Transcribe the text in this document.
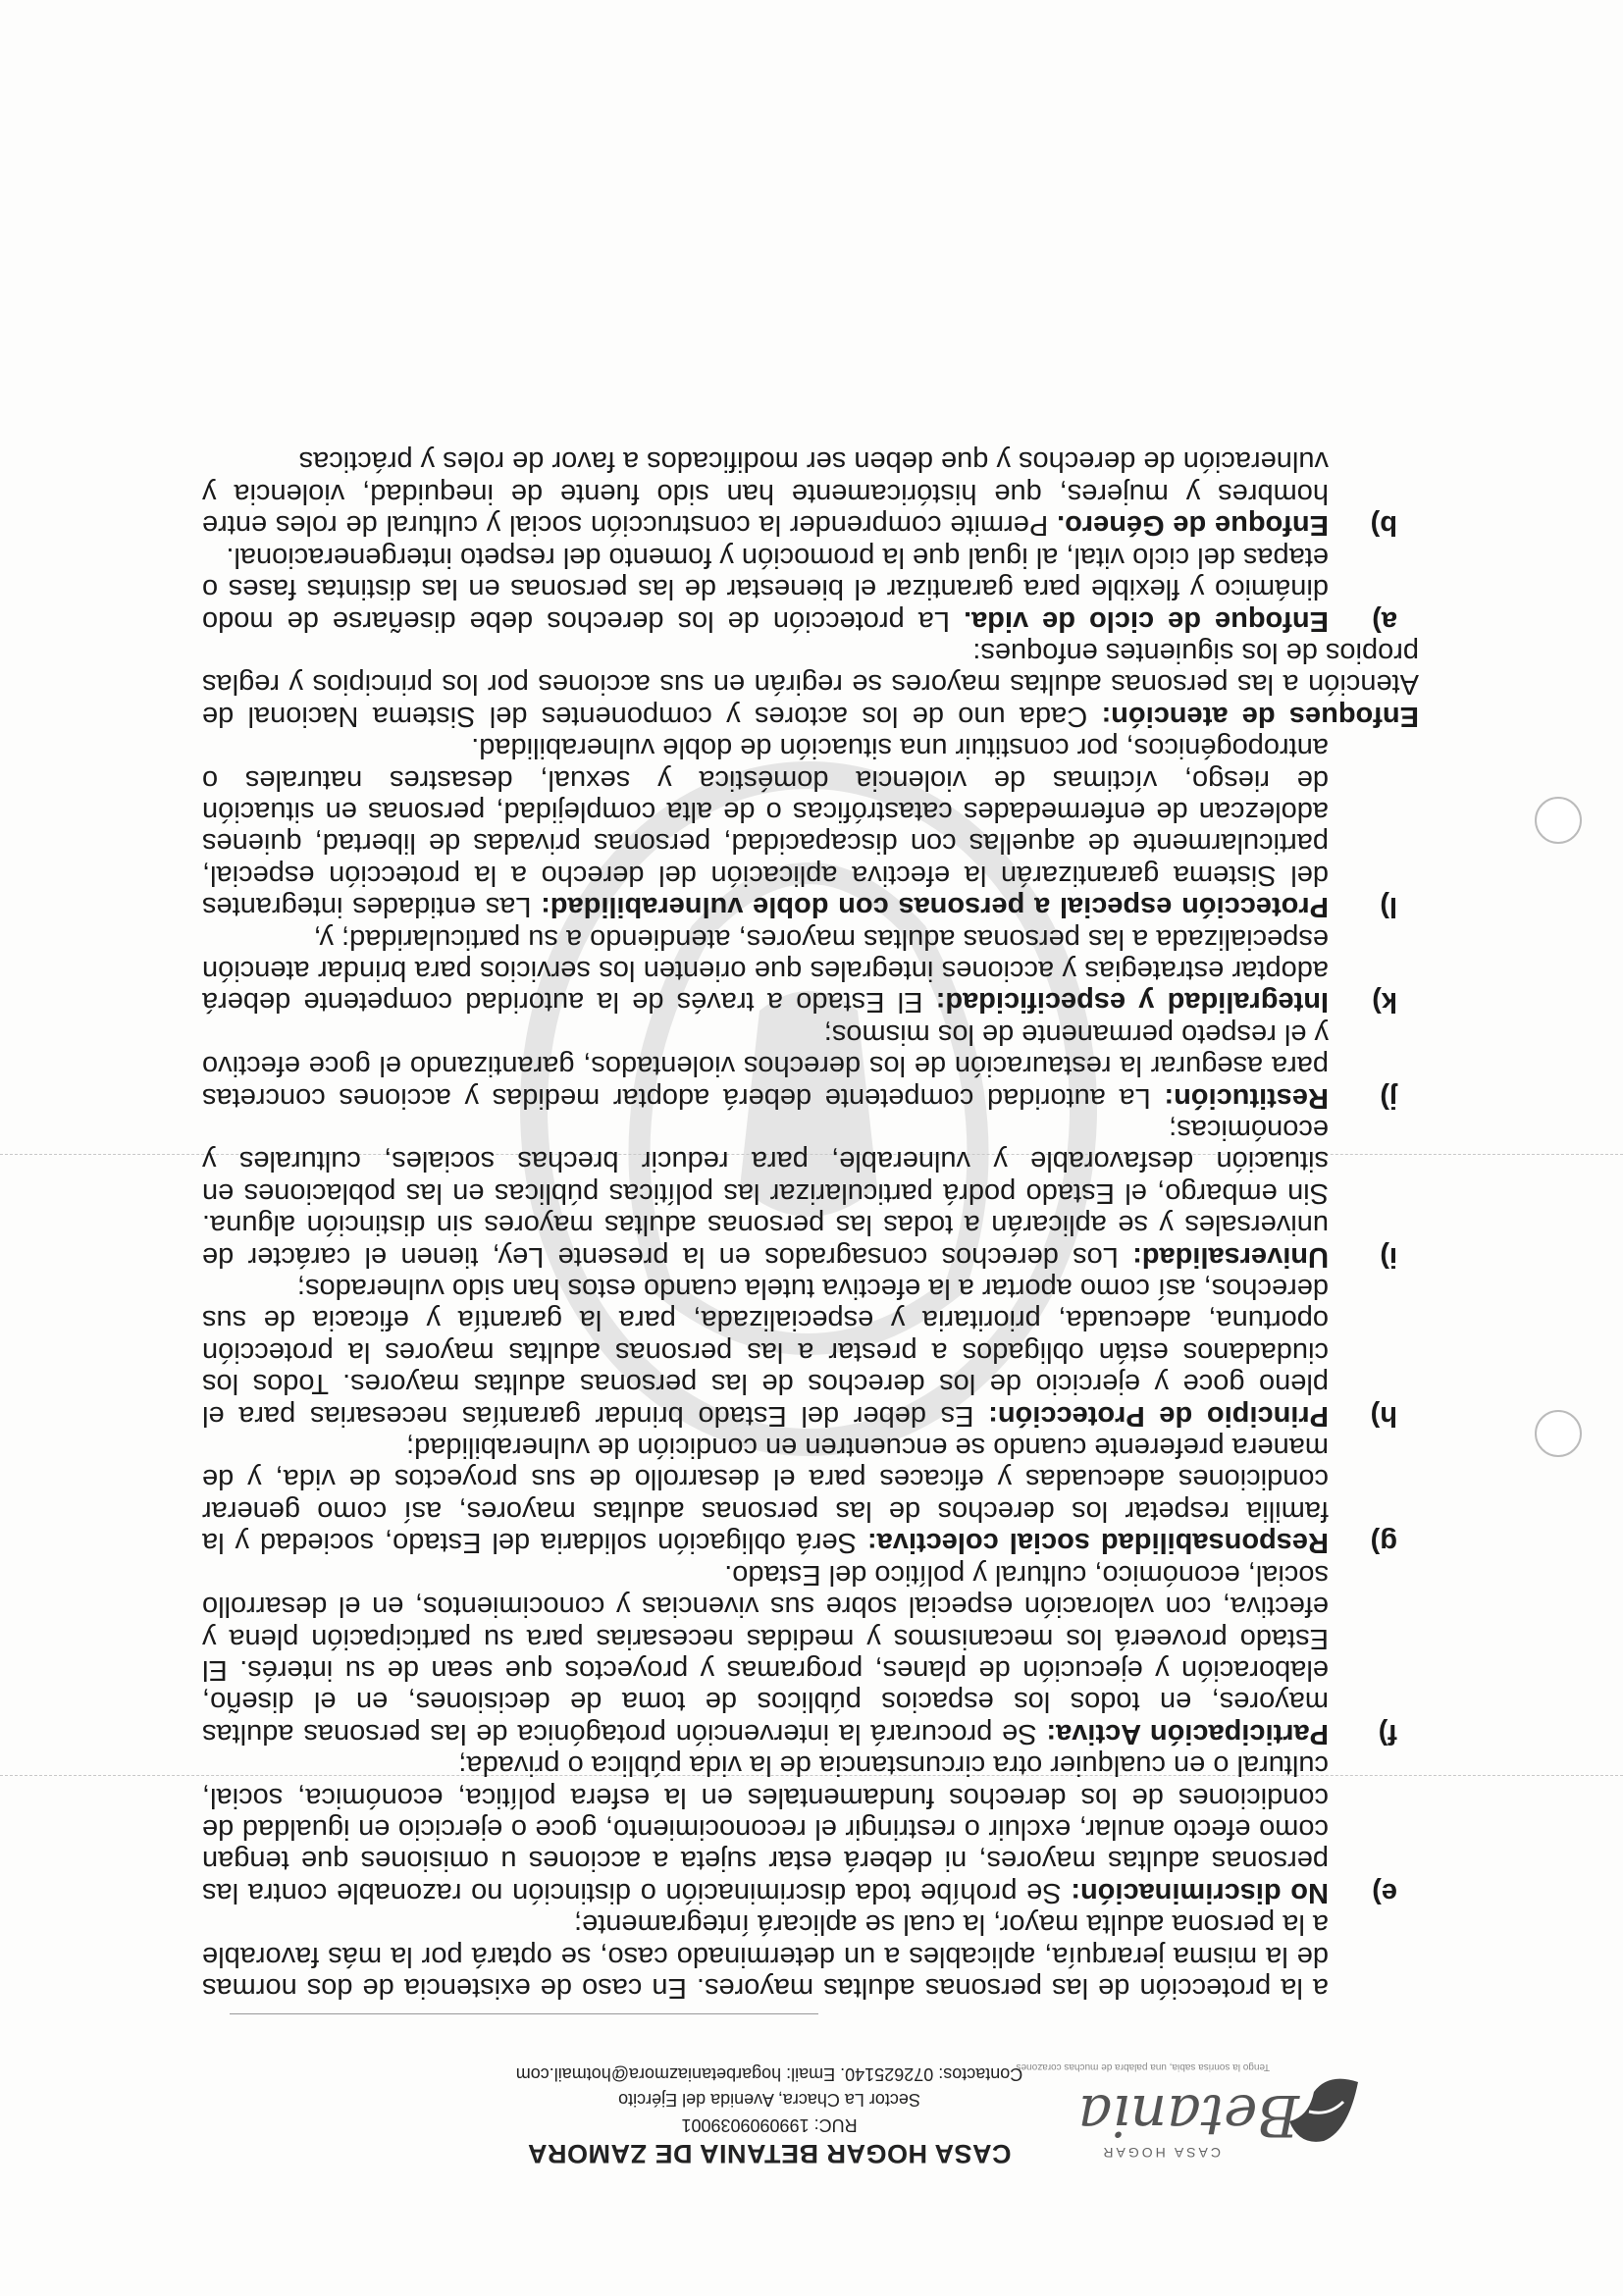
CASA HOGAR
Betania
Tengo la sonrisa sabia, una palabra de muchas corazones
CASA HOGAR BETANIA DE ZAMORA
RUC: 1990909039001
Sector La Chacra, Avenida del Ejército
Contactos: 072625140. Email: hogarbetaniazmora@hotmail.com

a la protección de las personas adultas mayores. En caso de existencia de dos normas de la misma jerarquía, aplicables a un determinado caso, se optará por la más favorable a la persona adulta mayor, la cual se aplicará íntegramente;

e)
No discriminación: Se prohíbe toda discriminación o distinción no razonable contra las personas adultas mayores, ni deberá estar sujeta a acciones u omisiones que tengan como efecto anular, excluir o restringir el reconocimiento, goce o ejercicio en igualdad de condiciones de los derechos fundamentales en la esfera política, económica, social, cultural o en cualquier otra circunstancia de la vida pública o privada;

f)
Participación Activa: Se procurará la intervención protagónica de las personas adultas mayores, en todos los espacios públicos de toma de decisiones, en el diseño, elaboración y ejecución de planes, programas y proyectos que sean de su interés. El Estado proveerá los mecanismos y medidas necesarias para su participación plena y efectiva, con valoración especial sobre sus vivencias y conocimientos, en el desarrollo social, económico, cultural y político del Estado.

g)
Responsabilidad social colectiva: Será obligación solidaria del Estado, sociedad y la familia respetar los derechos de las personas adultas mayores, así como generar condiciones adecuadas y eficaces para el desarrollo de sus proyectos de vida, y de manera preferente cuando se encuentren en condición de vulnerabilidad;

h)
Principio de Protección: Es deber del Estado brindar garantías necesarias para el pleno goce y ejercicio de los derechos de las personas adultas mayores. Todos los ciudadanos están obligados a prestar a las personas adultas mayores la protección oportuna, adecuada, prioritaria y especializada, para la garantía y eficacia de sus derechos, así como aportar a la efectiva tutela cuando estos han sido vulnerados;

i)
Universalidad: Los derechos consagrados en la presente Ley, tienen el carácter de universales y se aplicarán a todas las personas adultas mayores sin distinción alguna. Sin embargo, el Estado podrá particularizar las políticas públicas en las poblaciones en situación desfavorable y vulnerable, para reducir brechas sociales, culturales y económicas;

j)
Restitución: La autoridad competente deberá adoptar medidas y acciones concretas para asegurar la restauración de los derechos violentados, garantizando el goce efectivo y el respeto permanente de los mismos;

k)
Integralidad y especificidad: El Estado a través de la autoridad competente deberá adoptar estrategias y acciones integrales que orienten los servicios para brindar atención especializada a las personas adultas mayores, atendiendo a su particularidad; y,

l)
Protección especial a personas con doble vulnerabilidad: Las entidades integrantes del Sistema garantizarán la efectiva aplicación del derecho a la protección especial, particularmente de aquellas con discapacidad, personas privadas de libertad, quienes adolezcan de enfermedades catastróficas o de alta complejidad, personas en situación de riesgo, víctimas de violencia doméstica y sexual, desastres naturales o antropogénicos, por constituir una situación de doble vulnerabilidad.

Enfoques de atención: Cada uno de los actores y componentes del Sistema Nacional de Atención a las personas adultas mayores se regirán en sus acciones por los principios y reglas propios de los siguientes enfoques:

a)
Enfoque de ciclo de vida. La protección de los derechos debe diseñarse de modo dinámico y flexible para garantizar el bienestar de las personas en las distintas fases o etapas del ciclo vital, al igual que la promoción y fomento del respeto intergeneracional.

b)
Enfoque de Género. Permite comprender la construcción social y cultural de roles entre hombres y mujeres, que históricamente han sido fuente de inequidad, violencia y vulneración de derechos y que deben ser modificados a favor de roles y prácticas
